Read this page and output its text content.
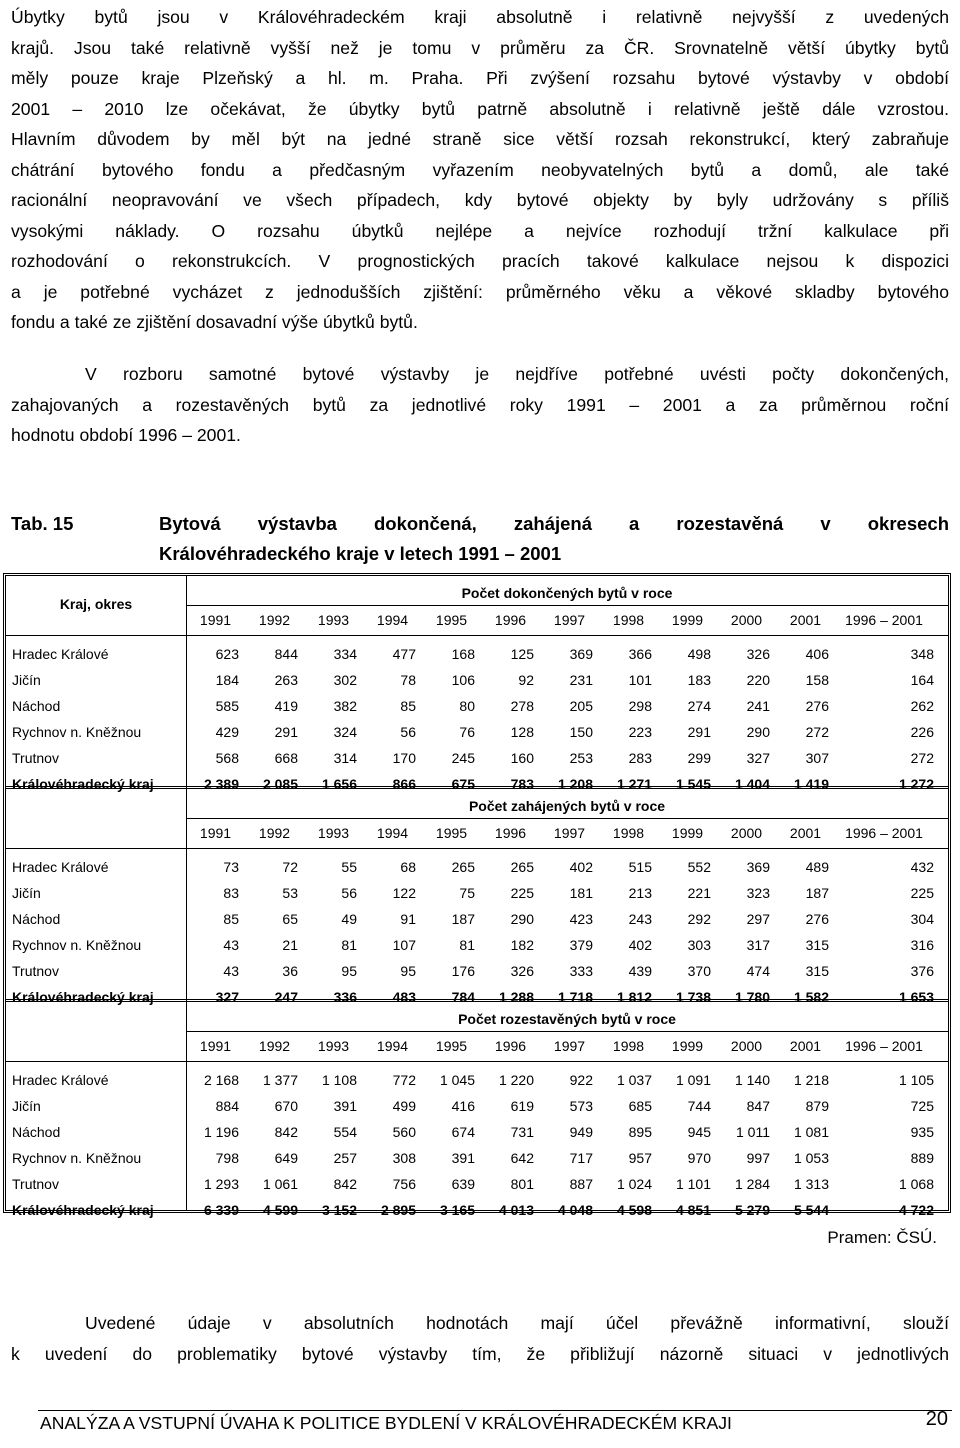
Úbytky bytů jsou v Královéhradeckém kraji absolutně i relativně nejvyšší z uvedených
krajů. Jsou také relativně vyšší než je tomu v průměru za ČR. Srovnatelně větší úbytky bytů
měly pouze kraje Plzeňský a hl. m. Praha. Při zvýšení rozsahu bytové výstavby v období
2001 – 2010 lze očekávat, že úbytky bytů patrně absolutně i relativně ještě dále vzrostou.
Hlavním důvodem by měl být na jedné straně sice větší rozsah rekonstrukcí, který zabraňuje
chátrání bytového fondu a předčasným vyřazením neobyvatelných bytů a domů, ale také
racionální neopravování ve všech případech, kdy bytové objekty by byly udržovány s příliš
vysokými náklady. O rozsahu úbytků nejlépe a nejvíce rozhodují tržní kalkulace při
rozhodování o rekonstrukcích. V prognostických pracích takové kalkulace nejsou k dispozici
a je potřebné vycházet z jednodušších zjištění: průměrného věku a věkové skladby bytového
fondu a také ze zjištění dosavadní výše úbytků bytů.
V rozboru samotné bytové výstavby je nejdříve potřebné uvésti počty dokončených,
zahajovaných a rozestavěných bytů za jednotlivé roky 1991 – 2001 a za průměrnou roční
hodnotu období 1996 – 2001.
Tab. 15	Bytová výstavba dokončená, zahájená a rozestavěná v okresech
Královéhradeckého kraje v letech 1991 – 2001
Kraj, okres
Počet dokončených bytů v roce
1991	1992	1993	1994	1995	1996	1997	1998	1999	2000	2001	1996 – 2001
Hradec Králové	623	844	334	477	168	125	369	366	498	326	406	348
Jičín	184	263	302	78	106	92	231	101	183	220	158	164
Náchod	585	419	382	85	80	278	205	298	274	241	276	262
Rychnov n. Kněžnou	429	291	324	56	76	128	150	223	291	290	272	226
Trutnov	568	668	314	170	245	160	253	283	299	327	307	272
Královéhradecký kraj	2 389	2 085	1 656	866	675	783	1 208	1 271	1 545	1 404	1 419	1 272
Počet zahájených bytů v roce
1991	1992	1993	1994	1995	1996	1997	1998	1999	2000	2001	1996 – 2001
Hradec Králové	73	72	55	68	265	265	402	515	552	369	489	432
Jičín	83	53	56	122	75	225	181	213	221	323	187	225
Náchod	85	65	49	91	187	290	423	243	292	297	276	304
Rychnov n. Kněžnou	43	21	81	107	81	182	379	402	303	317	315	316
Trutnov	43	36	95	95	176	326	333	439	370	474	315	376
Královéhradecký kraj	327	247	336	483	784	1 288	1 718	1 812	1 738	1 780	1 582	1 653
Počet rozestavěných bytů v roce
1991	1992	1993	1994	1995	1996	1997	1998	1999	2000	2001	1996 – 2001
Hradec Králové	2 168	1 377	1 108	772	1 045	1 220	922	1 037	1 091	1 140	1 218	1 105
Jičín	884	670	391	499	416	619	573	685	744	847	879	725
Náchod	1 196	842	554	560	674	731	949	895	945	1 011	1 081	935
Rychnov n. Kněžnou	798	649	257	308	391	642	717	957	970	997	1 053	889
Trutnov	1 293	1 061	842	756	639	801	887	1 024	1 101	1 284	1 313	1 068
Královéhradecký kraj	6 339	4 599	3 152	2 895	3 165	4 013	4 048	4 598	4 851	5 279	5 544	4 722
Pramen: ČSÚ.
Uvedené údaje v absolutních hodnotách mají účel převážně informativní, slouží
k uvedení do problematiky bytové výstavby tím, že přibližují názorně situaci v jednotlivých
ANALÝZA A VSTUPNÍ ÚVAHA K POLITICE BYDLENÍ V KRÁLOVÉHRADECKÉM KRAJI	20
